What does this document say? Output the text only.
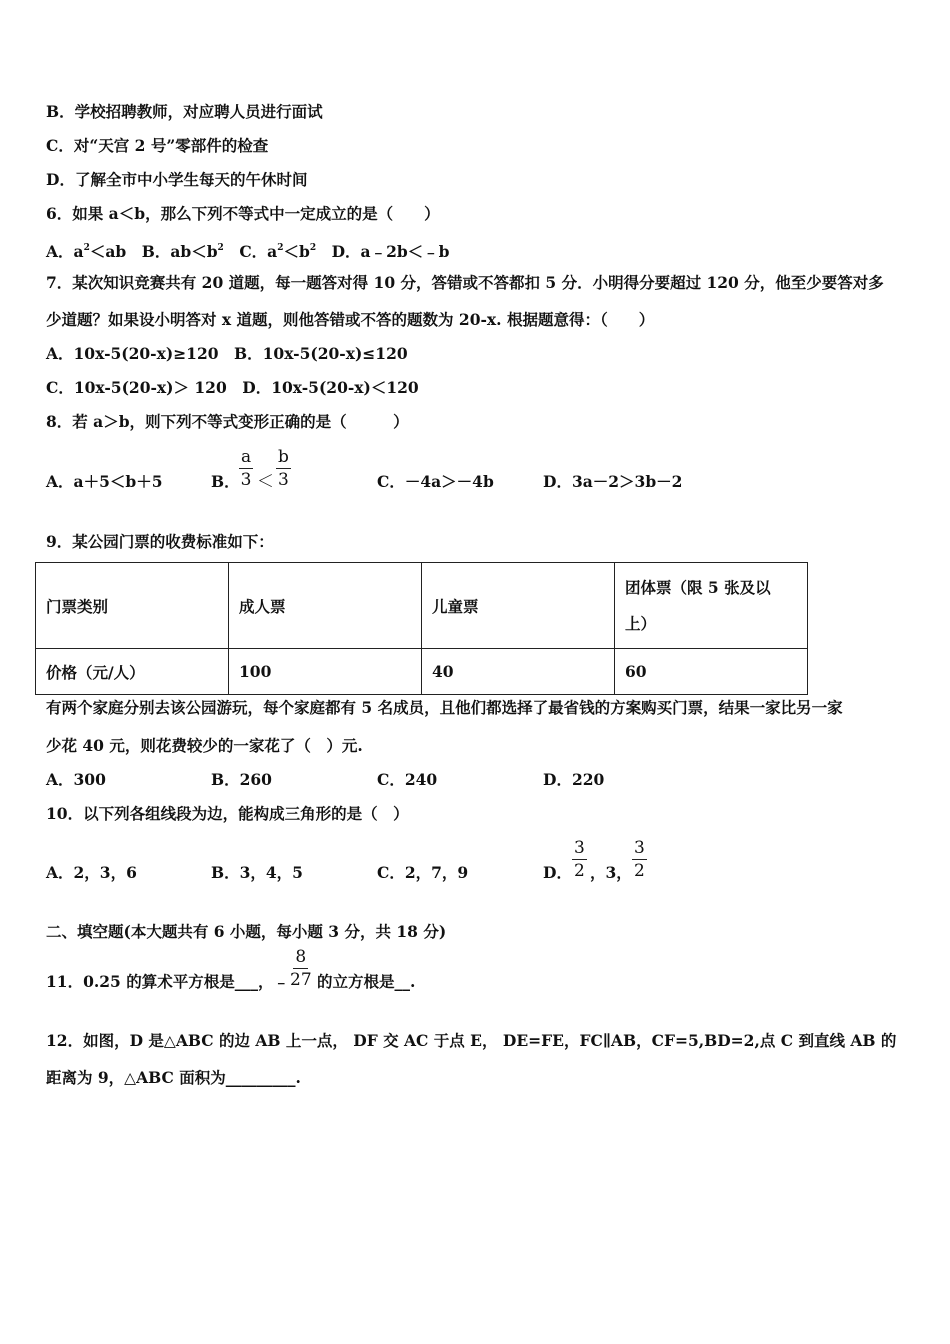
B．学校招聘教师，对应聘人员进行面试
C．对“天宫 2 号”零部件的检查
D．了解全市中小学生每天的午休时间
6．如果 a＜b，那么下列不等式中一定成立的是（　　）
A．$a^2<ab$　B．$ab<b^2$　C．$a^2<b^2$　D．a﹣2b＜﹣b
7．某次知识竞赛共有 20 道题，每一题答对得 10 分，答错或不答都扣 5 分．小明得分要超过 120 分，他至少要答对多
少道题？如果设小明答对 x 道题，则他答错或不答的题数为 20-x. 根据题意得：（　　）
A．10x-5(20-x)≥120　B．10x-5(20-x)≤120
C．10x-5(20-x)＞ 120　D．10x-5(20-x)＜120
8．若 a＞b，则下列不等式变形正确的是（　　　）
A．a＋5＜b＋5	B． $\frac{a}{3} < \frac{b}{3}$	C．－4a＞－4b	D．3a－2＞3b－2
9．某公园门票的收费标准如下：
门票类别	成人票	儿童票	团体票（限 5 张及以上）

价格（元/人）	100	40	60
有两个家庭分别去该公园游玩，每个家庭都有 5 名成员，且他们都选择了最省钱的方案购买门票，结果一家比另一家
少花 40 元，则花费较少的一家花了（　）元.
A．300	B．260	C．240	D．220
10．以下列各组线段为边，能构成三角形的是（　）
A．2，3，6	B．3，4，5	C．2，7，9	D． $\frac{3}{2}$ ，3， $\frac{3}{2}$
二、填空题(本大题共有 6 小题，每小题 3 分，共 18 分)
11．0.25 的算术平方根是___，﹣ $\frac{8}{27}$ 的立方根是__.
12．如图，D 是△ABC 的边 AB 上一点， DF 交 AC 于点 E， DE=FE，FC∥AB，CF=5,BD=2,点 C 到直线 AB 的
距离为 9，△ABC 面积为_________.
